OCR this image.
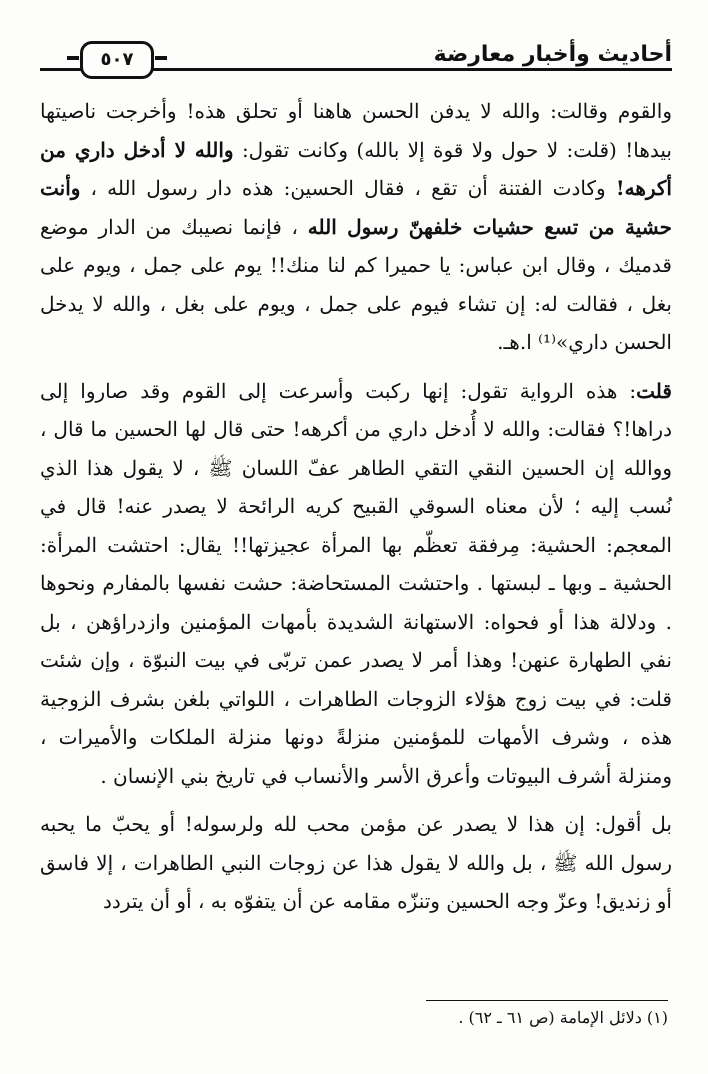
أحاديث وأخبار معارضة
٥٠٧

والقوم وقالت: والله لا يدفن الحسن هاهنا أو تحلق هذه! وأخرجت ناصيتها بيدها! (قلت: لا حول ولا قوة إلا بالله) وكانت تقول: والله لا أدخل داري من أكرهه! وكادت الفتنة أن تقع ، فقال الحسين: هذه دار رسول الله ، وأنت حشية من تسع حشيات خلفهنّ رسول الله ، فإنما نصيبك من الدار موضع قدميك ، وقال ابن عباس: يا حميرا كم لنا منك!! يوم على جمل ، ويوم على بغل ، فقالت له: إن تشاء فيوم على جمل ، ويوم على بغل ، والله لا يدخل الحسن داري»⁽¹⁾ ا.هـ.

قلت: هذه الرواية تقول: إنها ركبت وأسرعت إلى القوم وقد صاروا إلى دراها!؟ فقالت: والله لا أُدخل داري من أكرهه! حتى قال لها الحسين ما قال ، ووالله إن الحسين النقي التقي الطاهر عفّ اللسان ﷺ ، لا يقول هذا الذي نُسب إليه ؛ لأن معناه السوقي القبيح كريه الرائحة لا يصدر عنه! قال في المعجم: الحشية: مِرفقة تعظّم بها المرأة عجيزتها!! يقال: احتشت المرأة: الحشية ـ وبها ـ لبستها . واحتشت المستحاضة: حشت نفسها بالمفارم ونحوها . ودلالة هذا أو فحواه: الاستهانة الشديدة بأمهات المؤمنين وازدراؤهن ، بل نفي الطهارة عنهن! وهذا أمر لا يصدر عمن تربّى في بيت النبوّة ، وإن شئت قلت: في بيت زوج هؤلاء الزوجات الطاهرات ، اللواتي بلغن بشرف الزوجية هذه ، وشرف الأمهات للمؤمنين منزلةً دونها منزلة الملكات والأميرات ، ومنزلة أشرف البيوتات وأعرق الأسر والأنساب في تاريخ بني الإنسان .

بل أقول: إن هذا لا يصدر عن مؤمن محب لله ولرسوله! أو يحبّ ما يحبه رسول الله ﷺ ، بل والله لا يقول هذا عن زوجات النبي الطاهرات ، إلا فاسق أو زنديق! وعزّ وجه الحسين وتنزّه مقامه عن أن يتفوّه به ، أو أن يتردد

(١) دلائل الإمامة (ص ٦١ ـ ٦٢) .
